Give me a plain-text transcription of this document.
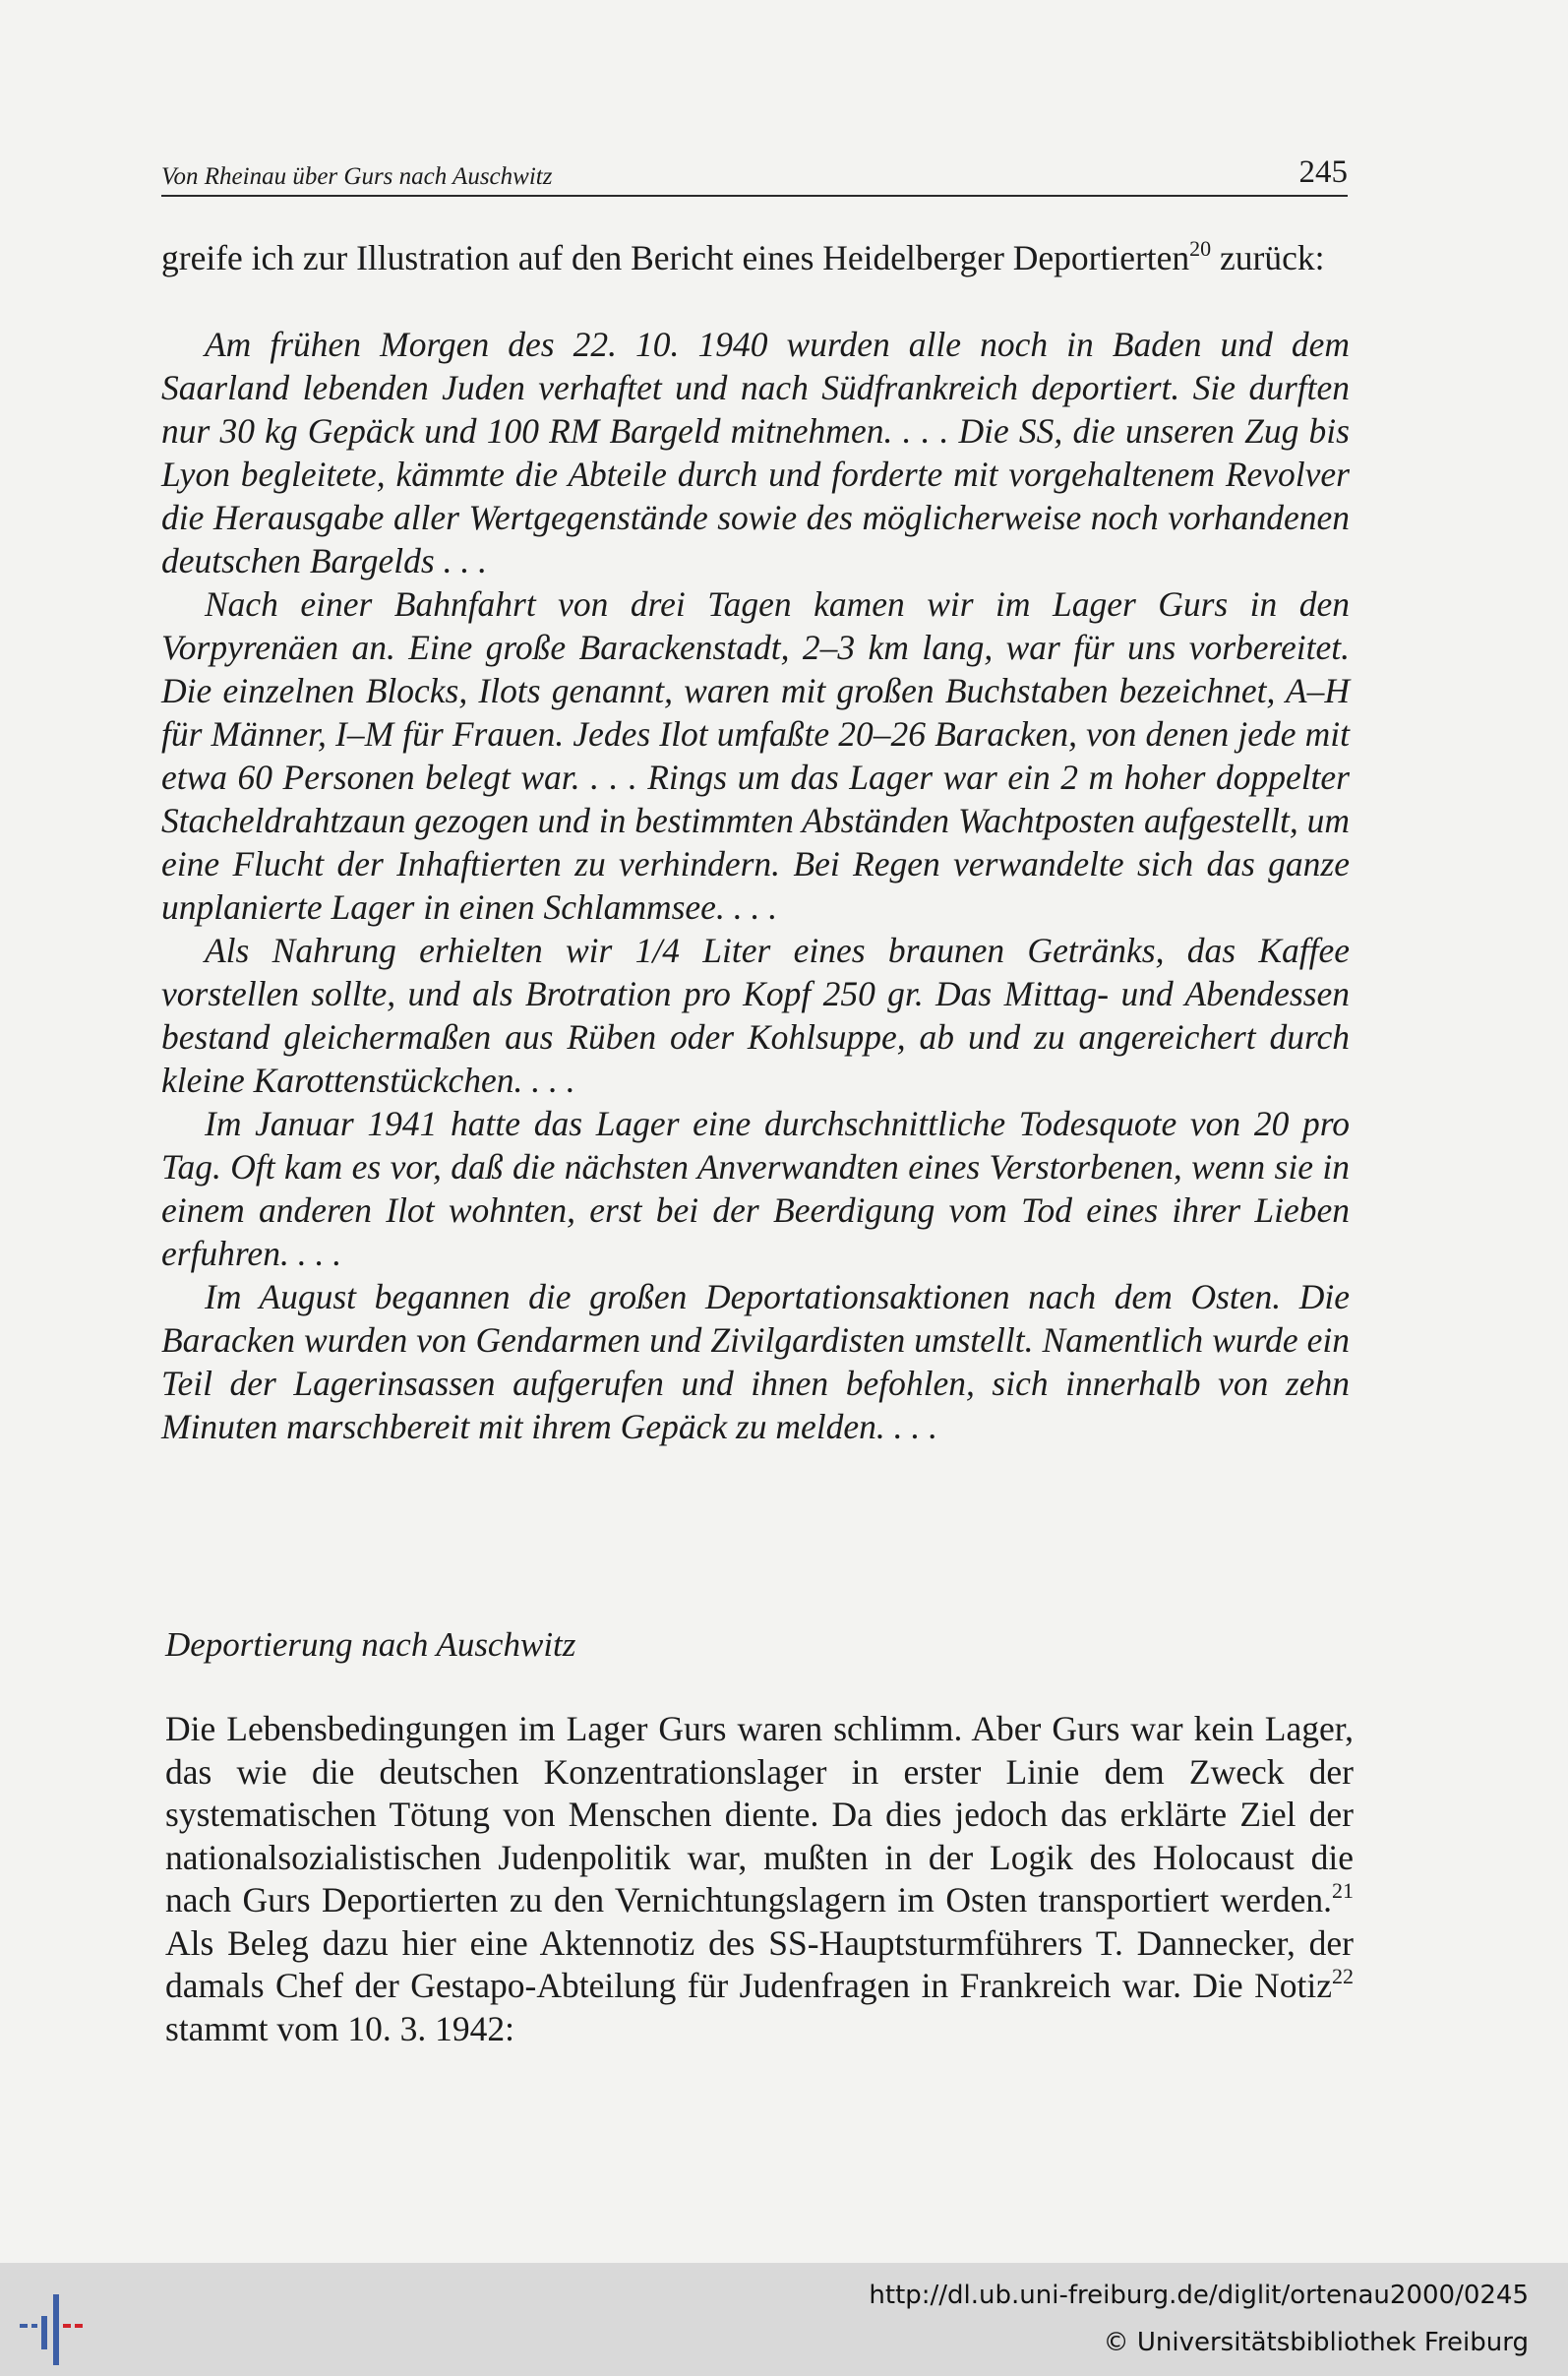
Von Rheinau über Gurs nach Auschwitz	245

greife ich zur Illustration auf den Bericht eines Heidelberger Deportierten$^{20}$ zurück:

Am frühen Morgen des 22. 10. 1940 wurden alle noch in Baden und dem Saarland lebenden Juden verhaftet und nach Südfrankreich deportiert. Sie durften nur 30 kg Gepäck und 100 RM Bargeld mitnehmen. . . . Die SS, die unseren Zug bis Lyon begleitete, kämmte die Abteile durch und forderte mit vorgehaltenem Revolver die Herausgabe aller Wertgegenstände sowie des möglicherweise noch vorhandenen deutschen Bargelds . . .

Nach einer Bahnfahrt von drei Tagen kamen wir im Lager Gurs in den Vorpyrenäen an. Eine große Barackenstadt, 2–3 km lang, war für uns vorbereitet. Die einzelnen Blocks, Ilots genannt, waren mit großen Buchstaben bezeichnet, A–H für Männer, I–M für Frauen. Jedes Ilot umfaßte 20–26 Baracken, von denen jede mit etwa 60 Personen belegt war. . . . Rings um das Lager war ein 2 m hoher doppelter Stacheldrahtzaun gezogen und in bestimmten Abständen Wachtposten aufgestellt, um eine Flucht der Inhaftierten zu verhindern. Bei Regen verwandelte sich das ganze unplanierte Lager in einen Schlammsee. . . .

Als Nahrung erhielten wir 1/4 Liter eines braunen Getränks, das Kaffee vorstellen sollte, und als Brotration pro Kopf 250 gr. Das Mittag- und Abendessen bestand gleichermaßen aus Rüben oder Kohlsuppe, ab und zu angereichert durch kleine Karottenstückchen. . . .

Im Januar 1941 hatte das Lager eine durchschnittliche Todesquote von 20 pro Tag. Oft kam es vor, daß die nächsten Anverwandten eines Verstorbenen, wenn sie in einem anderen Ilot wohnten, erst bei der Beerdigung vom Tod eines ihrer Lieben erfuhren. . . .

Im August begannen die großen Deportationsaktionen nach dem Osten. Die Baracken wurden von Gendarmen und Zivilgardisten umstellt. Namentlich wurde ein Teil der Lagerinsassen aufgerufen und ihnen befohlen, sich innerhalb von zehn Minuten marschbereit mit ihrem Gepäck zu melden. . . .

Deportierung nach Auschwitz

Die Lebensbedingungen im Lager Gurs waren schlimm. Aber Gurs war kein Lager, das wie die deutschen Konzentrationslager in erster Linie dem Zweck der systematischen Tötung von Menschen diente. Da dies jedoch das erklärte Ziel der nationalsozialistischen Judenpolitik war, mußten in der Logik des Holocaust die nach Gurs Deportierten zu den Vernichtungslagern im Osten transportiert werden.$^{21}$ Als Beleg dazu hier eine Aktennotiz des SS-Hauptsturmführers T. Dannecker, der damals Chef der Gestapo-Abteilung für Judenfragen in Frankreich war. Die Notiz$^{22}$ stammt vom 10. 3. 1942:

http://dl.ub.uni-freiburg.de/diglit/ortenau2000/0245
© Universitätsbibliothek Freiburg
